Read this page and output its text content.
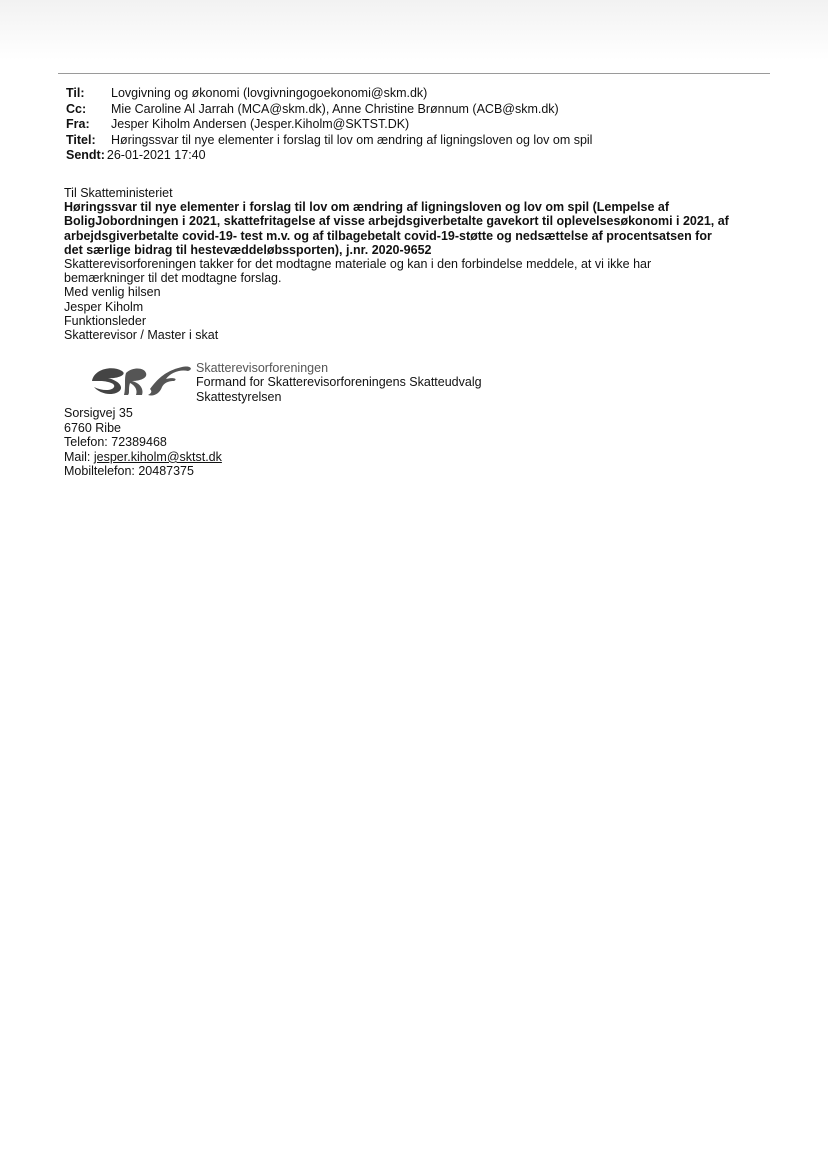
Til:	Lovgivning og økonomi (lovgivningogoekonomi@skm.dk)
Cc:	Mie Caroline Al Jarrah (MCA@skm.dk), Anne Christine Brønnum (ACB@skm.dk)
Fra:	Jesper Kiholm Andersen (Jesper.Kiholm@SKTST.DK)
Titel:	Høringssvar til nye elementer i forslag til lov om ændring af ligningsloven og lov om spil
Sendt: 26-01-2021 17:40

Til Skatteministeriet

Høringssvar til nye elementer i forslag til lov om ændring af ligningsloven og lov om spil (Lempelse af

BoligJobordningen i 2021, skattefritagelse af visse arbejdsgiverbetalte gavekort til oplevelsesøkonomi i 2021, af

arbejdsgiverbetalte covid-19- test m.v. og af tilbagebetalt covid-19-støtte og nedsættelse af procentsatsen for

det særlige bidrag til hestevæddeløbssporten), j.nr. 2020-9652

Skatterevisorforeningen takker for det modtagne materiale og kan i den forbindelse meddele, at vi ikke har

bemærkninger til det modtagne forslag.

Med venlig hilsen

Jesper Kiholm

Funktionsleder

Skatterevisor / Master i skat

Skatterevisorforeningen
Formand for Skatterevisorforeningens Skatteudvalg
Skattestyrelsen
Sorsigvej 35
6760 Ribe
Telefon: 72389468
Mail: jesper.kiholm@sktst.dk
Mobiltelefon: 20487375
